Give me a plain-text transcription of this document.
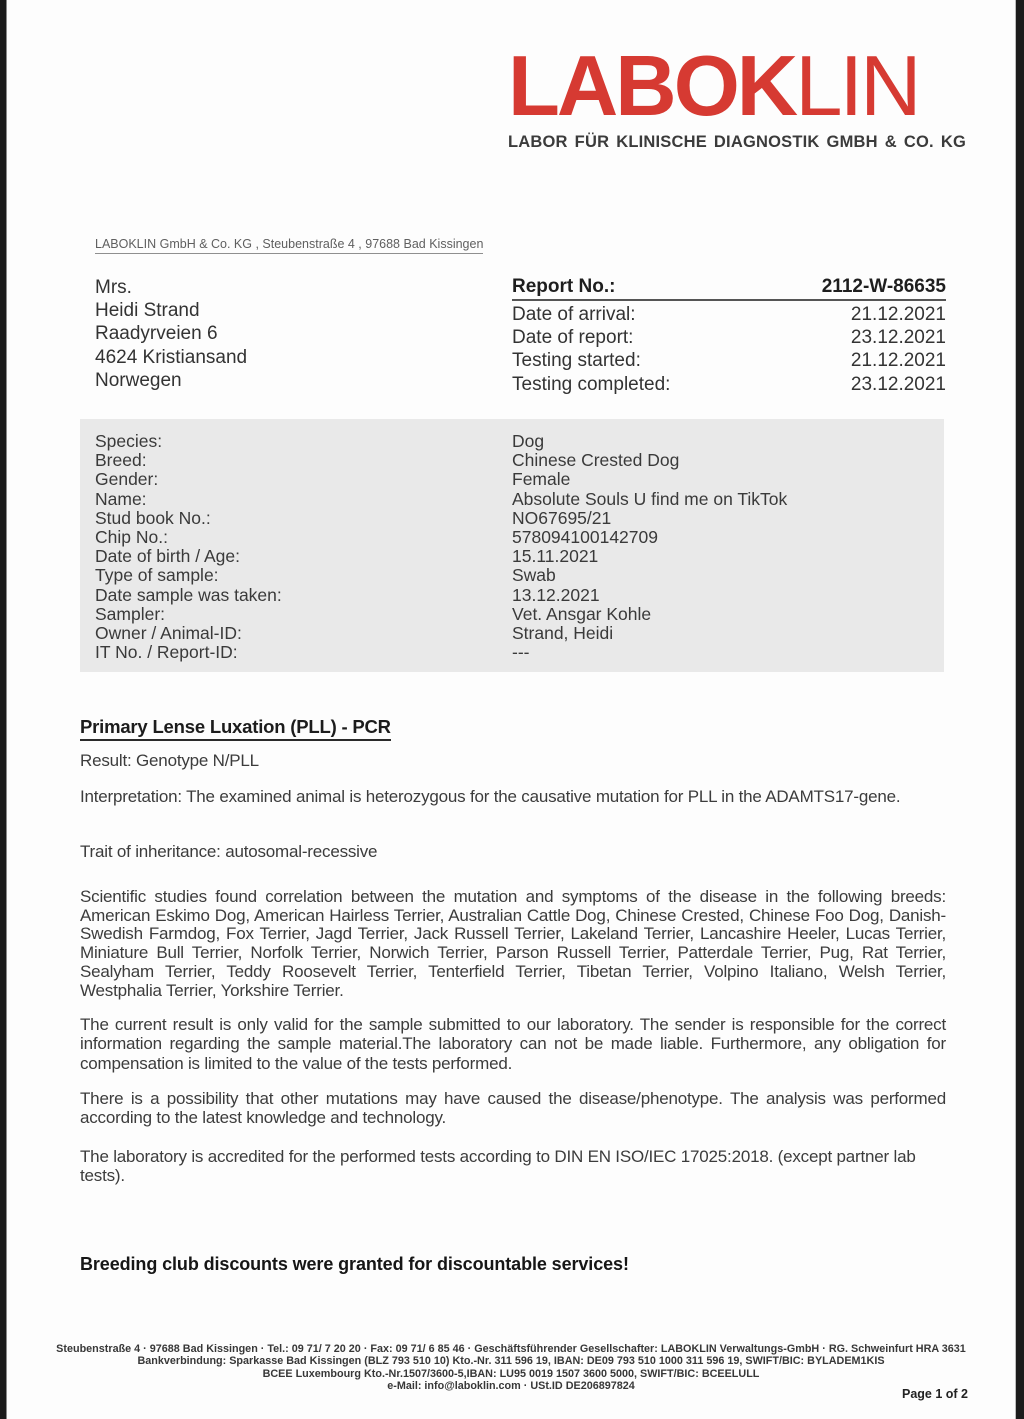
LABOKLIN
LABOR FÜR KLINISCHE DIAGNOSTIK GMBH & CO. KG
LABOKLIN GmbH & Co. KG , Steubenstraße 4 , 97688 Bad Kissingen
Mrs.
Heidi Strand
Raadyrveien 6
4624 Kristiansand
Norwegen
Report No.:	2112-W-86635
Date of arrival:	21.12.2021
Date of report:	23.12.2021
Testing started:	21.12.2021
Testing completed:	23.12.2021
Species:	Dog
Breed:	Chinese Crested Dog
Gender:	Female
Name:	Absolute Souls U find me on TikTok
Stud book No.:	NO67695/21
Chip No.:	578094100142709
Date of birth / Age:	15.11.2021
Type of sample:	Swab
Date sample was taken:	13.12.2021
Sampler:	Vet. Ansgar Kohle
Owner / Animal-ID:	Strand, Heidi
IT No. / Report-ID:	---
Primary Lense Luxation (PLL) - PCR
Result: Genotype N/PLL
Interpretation: The examined animal is heterozygous for the causative mutation for PLL in the ADAMTS17-gene.
Trait of inheritance: autosomal-recessive
Scientific studies found correlation between the mutation and symptoms of the disease in the following breeds: American Eskimo Dog, American Hairless Terrier, Australian Cattle Dog, Chinese Crested, Chinese Foo Dog, Danish-Swedish Farmdog, Fox Terrier, Jagd Terrier, Jack Russell Terrier, Lakeland Terrier, Lancashire Heeler, Lucas Terrier, Miniature Bull Terrier, Norfolk Terrier, Norwich Terrier, Parson Russell Terrier, Patterdale Terrier, Pug, Rat Terrier, Sealyham Terrier, Teddy Roosevelt Terrier, Tenterfield Terrier, Tibetan Terrier, Volpino Italiano, Welsh Terrier, Westphalia Terrier, Yorkshire Terrier.
The current result is only valid for the sample submitted to our laboratory. The sender is responsible for the correct information regarding the sample material.The laboratory can not be made liable. Furthermore, any obligation for compensation is limited to the value of the tests performed.
There is a possibility that other mutations may have caused the disease/phenotype. The analysis was performed according to the latest knowledge and technology.
The laboratory is accredited for the performed tests according to DIN EN ISO/IEC 17025:2018. (except partner lab tests).
Breeding club discounts were granted for discountable services!
Steubenstraße 4 · 97688 Bad Kissingen · Tel.: 09 71/ 7 20 20 · Fax: 09 71/ 6 85 46 · Geschäftsführender Gesellschafter: LABOKLIN Verwaltungs-GmbH · RG. Schweinfurt HRA 3631
Bankverbindung: Sparkasse Bad Kissingen (BLZ 793 510 10) Kto.-Nr. 311 596 19, IBAN: DE09 793 510 1000 311 596 19, SWIFT/BIC: BYLADEM1KIS
BCEE Luxembourg Kto.-Nr.1507/3600-5,IBAN: LU95 0019 1507 3600 5000, SWIFT/BIC: BCEELULL
e-Mail: info@laboklin.com · USt.ID DE206897824
Page 1 of 2
